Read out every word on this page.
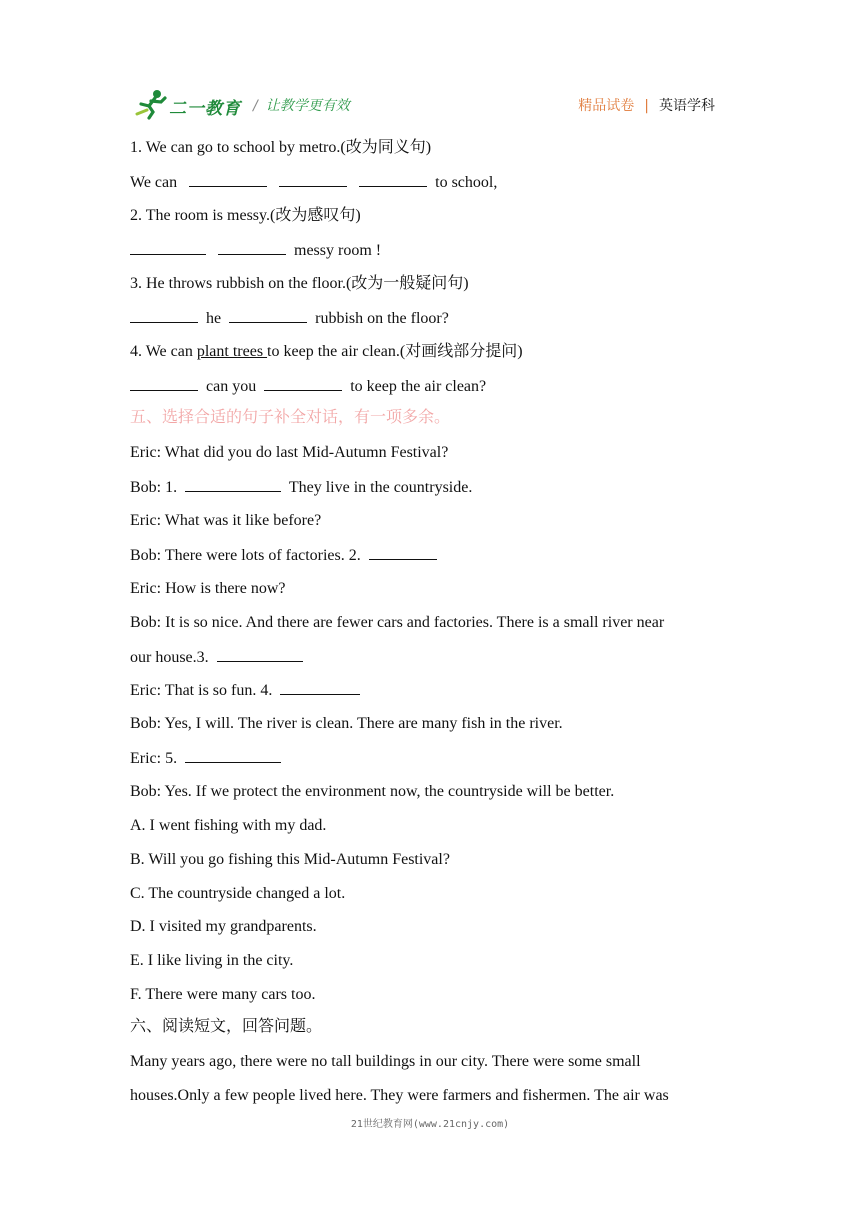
二一教育 / 让教学更有效	精品试卷 | 英语学科
1. We can go to school by metro.(改为同义句)
We can	to school,
2. The room is messy.(改为感叹句)
messy room !
3. He throws rubbish on the floor.(改为一般疑问句)
he	rubbish on the floor?
4. We can plant trees to keep the air clean.(对画线部分提问)
can you	to keep the air clean?
五、选择合适的句子补全对话，有一项多余。
Eric: What did you do last Mid-Autumn Festival?
Bob: 1.	They live in the countryside.
Eric: What was it like before?
Bob: There were lots of factories. 2.
Eric: How is there now?
Bob: It is so nice. And there are fewer cars and factories. There is a small river near
our house.3.
Eric: That is so fun. 4.
Bob: Yes, I will. The river is clean. There are many fish in the river.
Eric: 5.
Bob: Yes. If we protect the environment now, the countryside will be better.
A. I went fishing with my dad.
B. Will you go fishing this Mid-Autumn Festival?
C. The countryside changed a lot.
D. I visited my grandparents.
E. I like living in the city.
F. There were many cars too.
六、阅读短文，回答问题。
Many years ago, there were no tall buildings in our city. There were some small
houses.Only a few people lived here. They were farmers and fishermen. The air was
21世纪教育网(www.21cnjy.com)
